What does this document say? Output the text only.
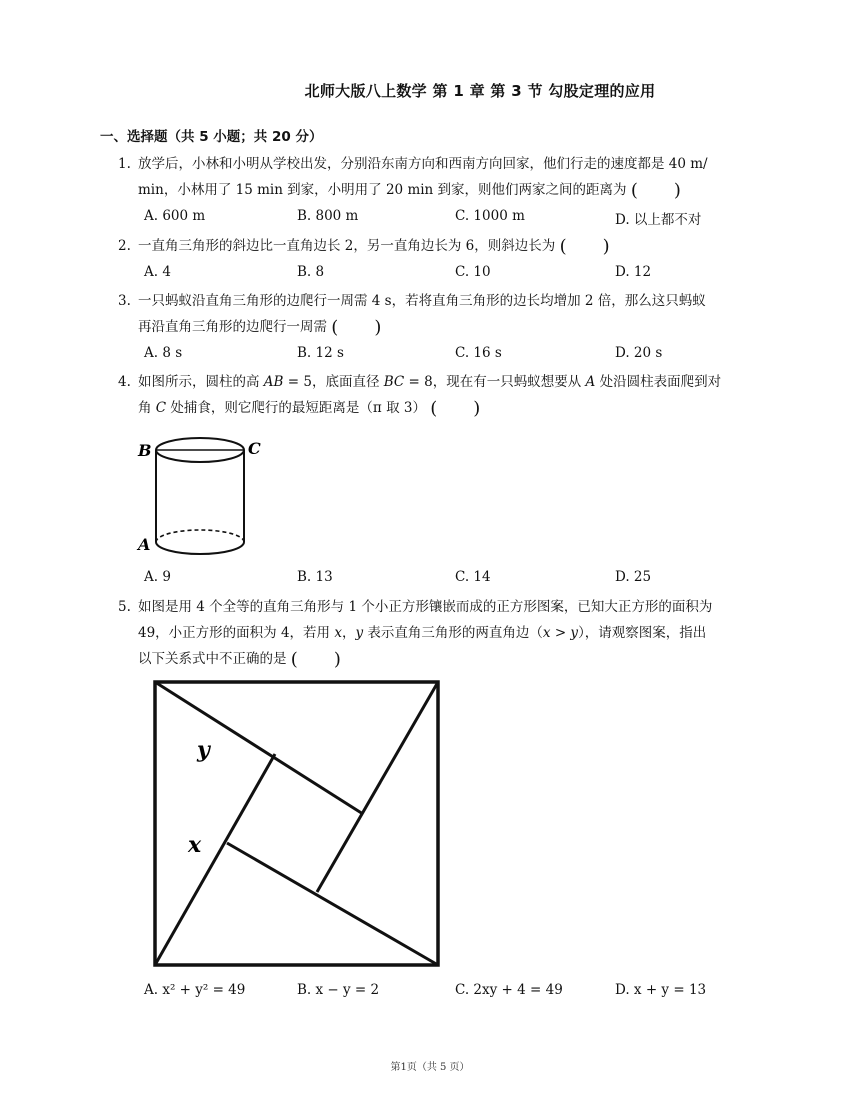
北师大版八上数学 第 1 章 第 3 节 勾股定理的应用
一、选择题（共 5 小题；共 20 分）
1. 放学后，小林和小明从学校出发，分别沿东南方向和西南方向回家，他们行走的速度都是 40 m/
min，小林用了 15 min 到家，小明用了 20 min 到家，则他们两家之间的距离为 (　　)
A. 600 m	B. 800 m	C. 1000 m	D. 以上都不对
2. 一直角三角形的斜边比一直角边长 2，另一直角边长为 6，则斜边长为 (　　)
A. 4	B. 8	C. 10	D. 12
3. 一只蚂蚁沿直角三角形的边爬行一周需 4 s，若将直角三角形的边长均增加 2 倍，那么这只蚂蚁
再沿直角三角形的边爬行一周需 (　　)
A. 8 s	B. 12 s	C. 16 s	D. 20 s
4. 如图所示，圆柱的高 AB = 5，底面直径 BC = 8，现在有一只蚂蚁想要从 A 处沿圆柱表面爬到对
角 C 处捕食，则它爬行的最短距离是（π 取 3） (　　)
B	C
A
A. 9	B. 13	C. 14	D. 25
5. 如图是用 4 个全等的直角三角形与 1 个小正方形镶嵌而成的正方形图案，已知大正方形的面积为
49，小正方形的面积为 4，若用 x，y 表示直角三角形的两直角边（x > y），请观察图案，指出
以下关系式中不正确的是 (　　)
y
x
A. x² + y² = 49	B. x − y = 2	C. 2xy + 4 = 49	D. x + y = 13
第1页（共 5 页）
